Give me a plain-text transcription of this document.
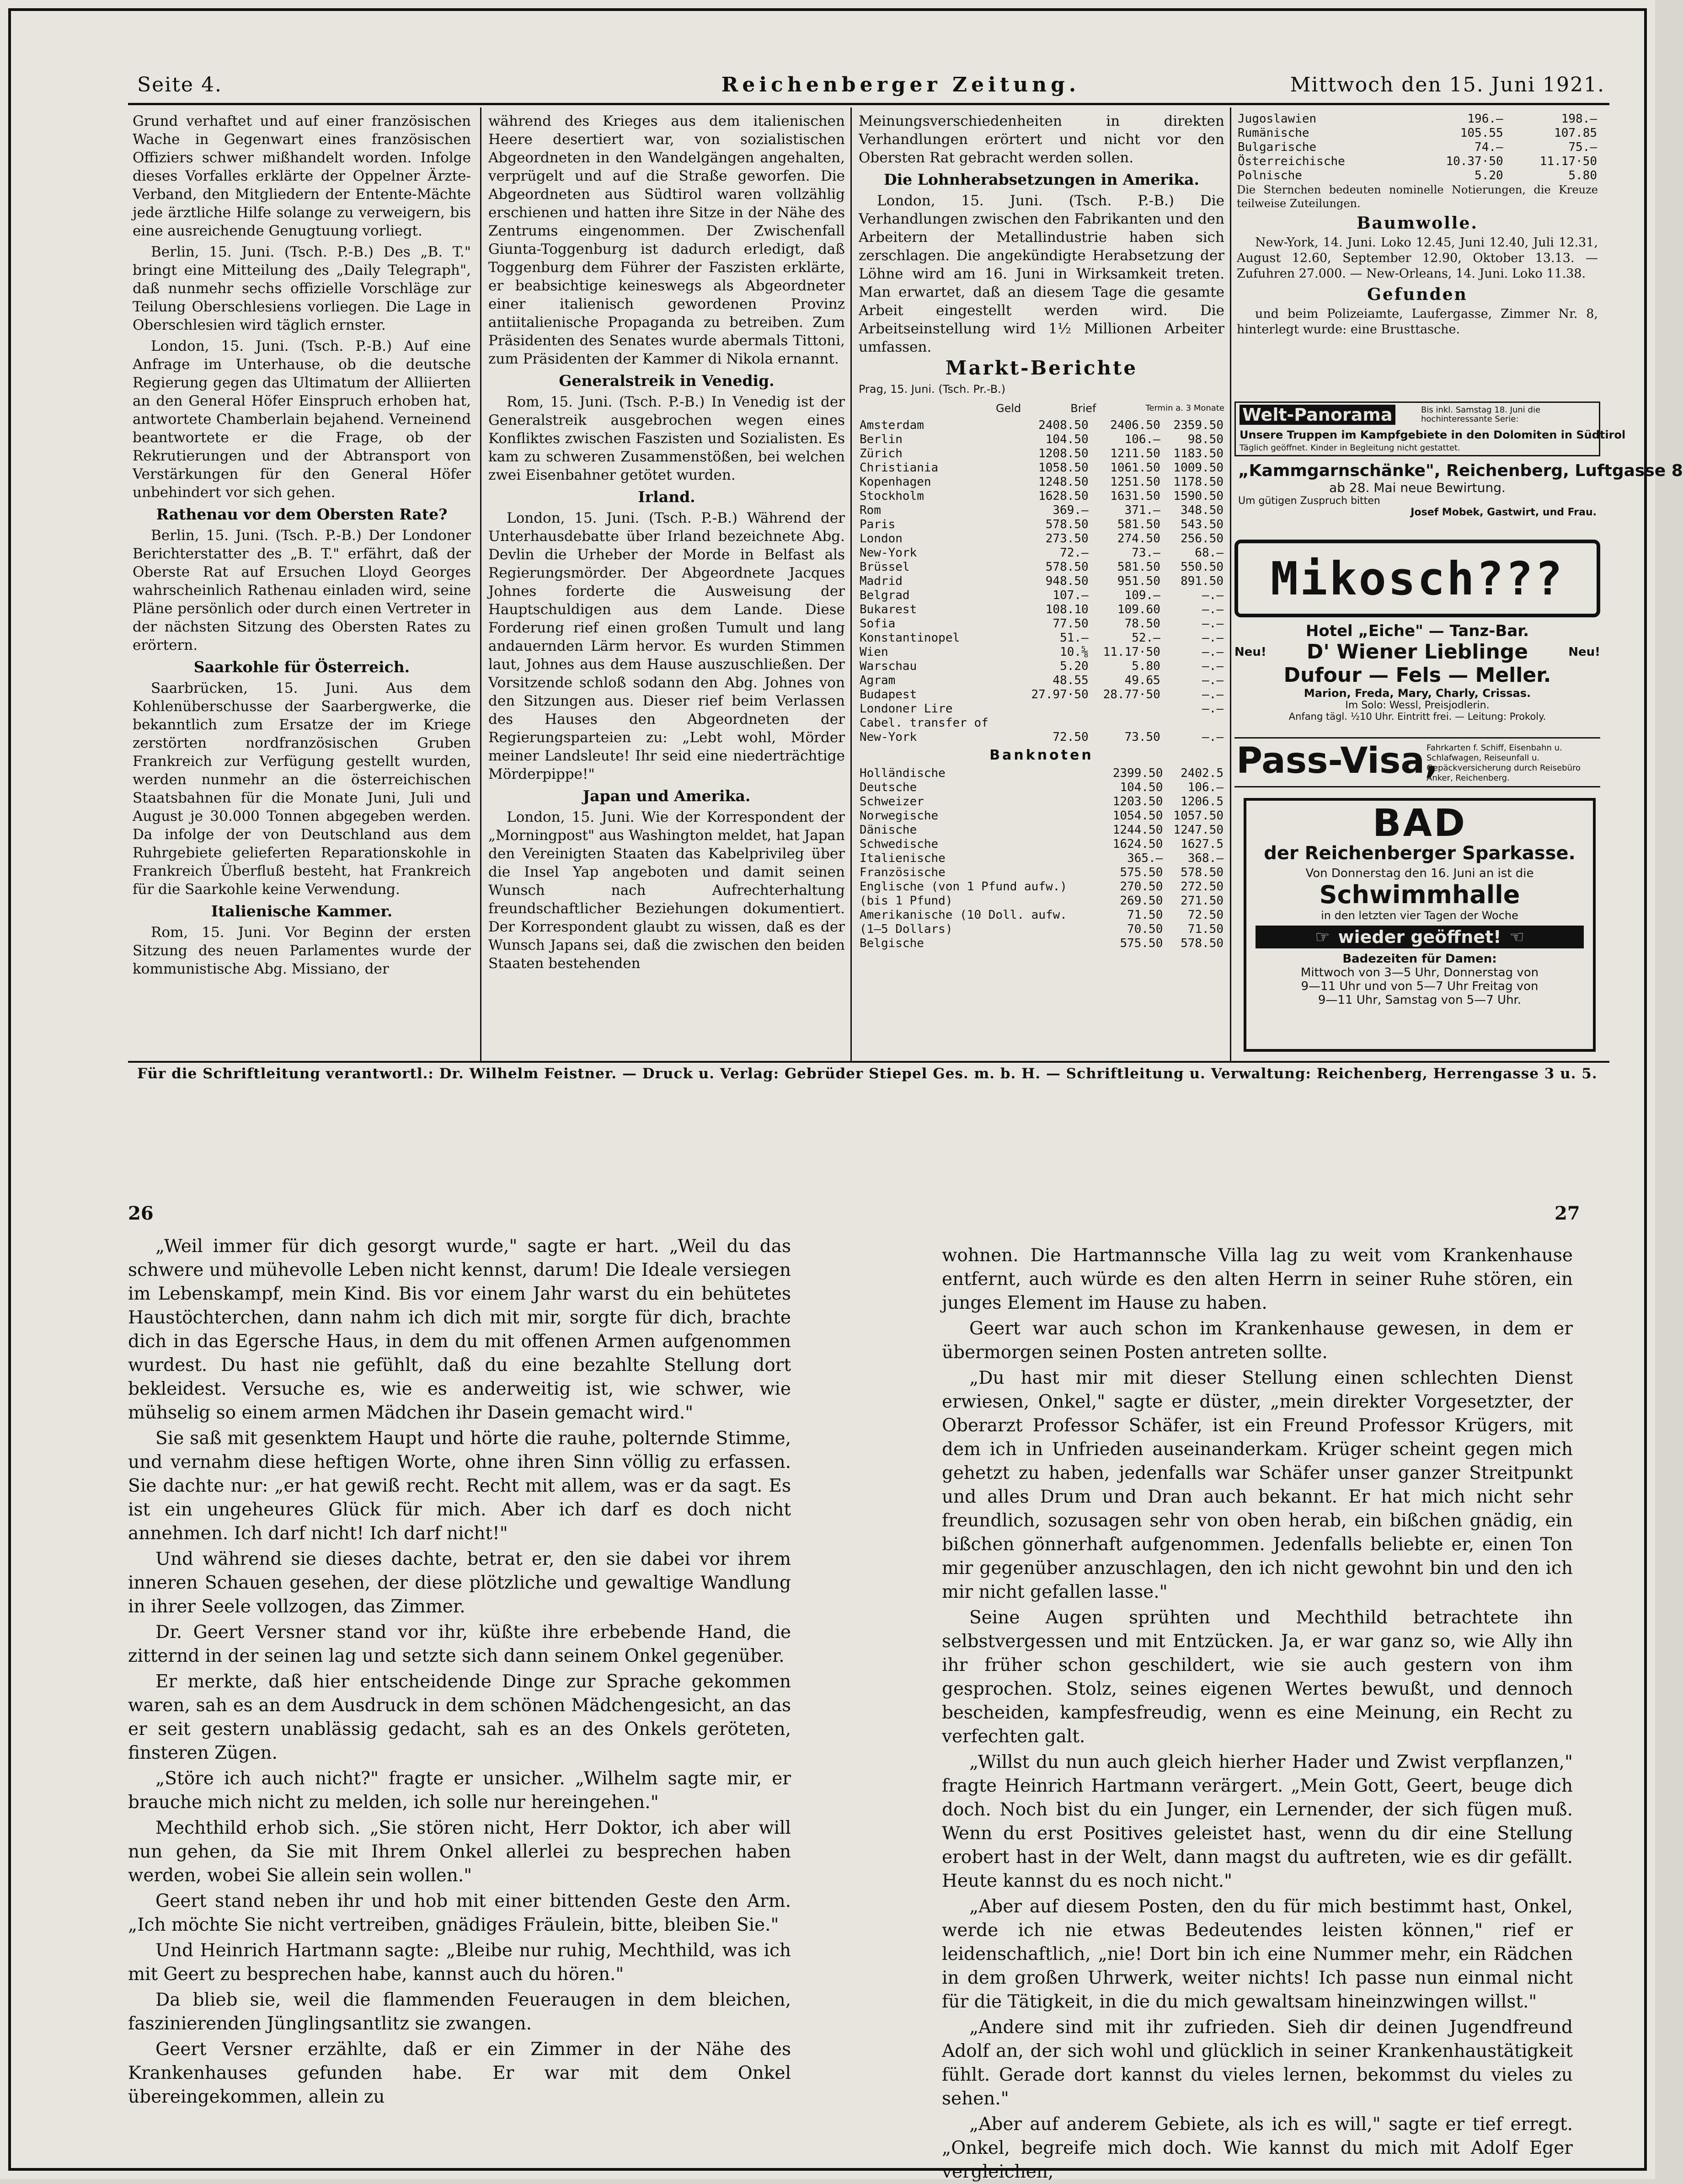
Seite 4.	Reichenberger Zeitung.	Mittwoch den 15. Juni 1921.

Grund verhaftet und auf einer französischen Wache in Gegenwart eines französischen Offiziers schwer mißhandelt worden. Infolge dieses Vorfalles erklärte der Oppelner Ärzte-Verband, den Mitgliedern der Entente-Mächte jede ärztliche Hilfe solange zu verweigern, bis eine ausreichende Genugtuung vorliegt.

Berlin, 15. Juni. (Tsch. P.-B.) Des „B. T." bringt eine Mitteilung des „Daily Telegraph", daß nunmehr sechs offizielle Vorschläge zur Teilung Oberschlesiens vorliegen. Die Lage in Oberschlesien wird täglich ernster.

London, 15. Juni. (Tsch. P.-B.) Auf eine Anfrage im Unterhause, ob die deutsche Regierung gegen das Ultimatum der Alliierten an den General Höfer Einspruch erhoben hat, antwortete Chamberlain bejahend. Verneinend beantwortete er die Frage, ob der Rekrutierungen und der Abtransport von Verstärkungen für den General Höfer unbehindert vor sich gehen.

Rathenau vor dem Obersten Rate?

Berlin, 15. Juni. (Tsch. P.-B.) Der Londoner Berichterstatter des „B. T." erfährt, daß der Oberste Rat auf Ersuchen Lloyd Georges wahrscheinlich Rathenau einladen wird, seine Pläne persönlich oder durch einen Vertreter in der nächsten Sitzung des Obersten Rates zu erörtern.

Saarkohle für Österreich.

Saarbrücken, 15. Juni. Aus dem Kohlenüberschusse der Saarbergwerke, die bekanntlich zum Ersatze der im Kriege zerstörten nordfranzösischen Gruben Frankreich zur Verfügung gestellt wurden, werden nunmehr an die österreichischen Staatsbahnen für die Monate Juni, Juli und August je 30.000 Tonnen abgegeben werden. Da infolge der von Deutschland aus dem Ruhrgebiete gelieferten Reparationskohle in Frankreich Überfluß besteht, hat Frankreich für die Saarkohle keine Verwendung.

Italienische Kammer.

Rom, 15. Juni. Vor Beginn der ersten Sitzung des neuen Parlamentes wurde der kommunistische Abg. Missiano, der

während des Krieges aus dem italienischen Heere desertiert war, von sozialistischen Abgeordneten in den Wandelgängen angehalten, verprügelt und auf die Straße geworfen. Die Abgeordneten aus Südtirol waren vollzählig erschienen und hatten ihre Sitze in der Nähe des Zentrums eingenommen. Der Zwischenfall Giunta-Toggenburg ist dadurch erledigt, daß Toggenburg dem Führer der Faszisten erklärte, er beabsichtige keineswegs als Abgeordneter einer italienisch gewordenen Provinz antiitalienische Propaganda zu betreiben. Zum Präsidenten des Senates wurde abermals Tittoni, zum Präsidenten der Kammer di Nikola ernannt.

Generalstreik in Venedig.

Rom, 15. Juni. (Tsch. P.-B.) In Venedig ist der Generalstreik ausgebrochen wegen eines Konfliktes zwischen Faszisten und Sozialisten. Es kam zu schweren Zusammenstößen, bei welchen zwei Eisenbahner getötet wurden.

Irland.

London, 15. Juni. (Tsch. P.-B.) Während der Unterhausdebatte über Irland bezeichnete Abg. Devlin die Urheber der Morde in Belfast als Regierungsmörder. Der Abgeordnete Jacques Johnes forderte die Ausweisung der Hauptschuldigen aus dem Lande. Diese Forderung rief einen großen Tumult und lang andauernden Lärm hervor. Es wurden Stimmen laut, Johnes aus dem Hause auszuschließen. Der Vorsitzende schloß sodann den Abg. Johnes von den Sitzungen aus. Dieser rief beim Verlassen des Hauses den Abgeordneten der Regierungsparteien zu: „Lebt wohl, Mörder meiner Landsleute! Ihr seid eine niederträchtige Mörderpippe!"

Japan und Amerika.

London, 15. Juni. Wie der Korrespondent der „Morningpost" aus Washington meldet, hat Japan den Vereinigten Staaten das Kabelprivileg über die Insel Yap angeboten und damit seinen Wunsch nach Aufrechterhaltung freundschaftlicher Beziehungen dokumentiert. Der Korrespondent glaubt zu wissen, daß es der Wunsch Japans sei, daß die zwischen den beiden Staaten bestehenden

Meinungsverschiedenheiten in direkten Verhandlungen erörtert und nicht vor den Obersten Rat gebracht werden sollen.

Die Lohnherabsetzungen in Amerika.

London, 15. Juni. (Tsch. P.-B.) Die Verhandlungen zwischen den Fabrikanten und den Arbeitern der Metallindustrie haben sich zerschlagen. Die angekündigte Herabsetzung der Löhne wird am 16. Juni in Wirksamkeit treten. Man erwartet, daß an diesem Tage die gesamte Arbeit eingestellt werden wird. Die Arbeitseinstellung wird 1½ Millionen Arbeiter umfassen.

Markt-Berichte
Prag, 15. Juni. (Tsch. Pr.-B.)
Geld	Brief	Termin a. 3 Monate
Amsterdam	2408.50	2406.50	2359.50
Berlin	104.50	106.—	98.50
Zürich	1208.50	1211.50	1183.50
Christiania	1058.50	1061.50	1009.50
Kopenhagen	1248.50	1251.50	1178.50
Stockholm	1628.50	1631.50	1590.50
Rom	369.—	371.—	348.50
Paris	578.50	581.50	543.50
London	273.50	274.50	256.50
New-York	72.—	73.—	68.—
Brüssel	578.50	581.50	550.50
Madrid	948.50	951.50	891.50
Belgrad	107.—	109.—	—.—
Bukarest	108.10	109.60	—.—
Sofia	77.50	78.50	—.—
Konstantinopel	51.—	52.—	—.—
Wien	10.⅝	11.17·50	—.—
Warschau	5.20	5.80	—.—
Agram	48.55	49.65	—.—
Budapest	27.97·50	28.77·50	—.—
Londoner Lire			—.—
Cabel. transfer of			
New-York	72.50	73.50	—.—
Banknoten
Holländische	2399.50	2402.5
Deutsche	104.50	106.—
Schweizer	1203.50	1206.5
Norwegische	1054.50	1057.50
Dänische	1244.50	1247.50
Schwedische	1624.50	1627.5
Italienische	365.—	368.—
Französische	575.50	578.50
Englische (von 1 Pfund aufw.)	270.50	272.50
(bis 1 Pfund)	269.50	271.50
Amerikanische (10 Doll. aufw.	71.50	72.50
(1—5 Dollars)	70.50	71.50
Belgische	575.50	578.50
Jugoslawien	196.—	198.—
Rumänische	105.55	107.85
Bulgarische	74.—	75.—
Österreichische	10.37·50	11.17·50
Polnische	5.20	5.80

Die Sternchen bedeuten nominelle Notierungen, die Kreuze teilweise Zuteilungen.

Baumwolle.

New-York, 14. Juni. Loko 12.45, Juni 12.40, Juli 12.31, August 12.60, September 12.90, Oktober 13.13. — Zufuhren 27.000. — New-Orleans, 14. Juni. Loko 11.38.

Gefunden

und beim Polizeiamte, Laufergasse, Zimmer Nr. 8, hinterlegt wurde: eine Brusttasche.

Welt-Panorama	Bis inkl. Samstag 18. Juni die hochinteressante Serie:
Unsere Truppen im Kampfgebiete in den Dolomiten in Südtirol
Täglich geöffnet. Kinder in Begleitung nicht gestattet.
„Kammgarnschänke", Reichenberg, Luftgasse 8
ab 28. Mai neue Bewirtung.
Um gütigen Zuspruch bitten
Josef Mobek, Gastwirt, und Frau.
Mikosch???
Hotel „Eiche" — Tanz-Bar.
Neu! D' Wiener Lieblinge	Neu!
Dufour — Fels — Meller.
Marion, Freda, Mary, Charly, Crissas.
Im Solo: Wessl, Preisjodlerin.
Anfang tägl. ½10 Uhr. Eintritt frei. — Leitung: Prokoly.
Pass-Visa,
Fahrkarten f. Schiff, Eisenbahn u. Schlafwagen, Reiseunfall u. Gepäckversicherung durch Reisebüro Anker, Reichenberg.
BAD
der Reichenberger Sparkasse.
Von Donnerstag den 16. Juni an ist die
Schwimmhalle
in den letzten vier Tagen der Woche
☞ wieder geöffnet! ☜
Badezeiten für Damen:
Mittwoch von 3—5 Uhr, Donnerstag von
9—11 Uhr und von 5—7 Uhr Freitag von
9—11 Uhr, Samstag von 5—7 Uhr.
Für die Schriftleitung verantwortl.: Dr. Wilhelm Feistner. — Druck u. Verlag: Gebrüder Stiepel Ges. m. b. H. — Schriftleitung u. Verwaltung: Reichenberg, Herrengasse 3 u. 5.
26	27

„Weil immer für dich gesorgt wurde," sagte er hart. „Weil du das schwere und mühevolle Leben nicht kennst, darum! Die Ideale versiegen im Lebenskampf, mein Kind. Bis vor einem Jahr warst du ein behütetes Haustöchterchen, dann nahm ich dich mit mir, sorgte für dich, brachte dich in das Egersche Haus, in dem du mit offenen Armen aufgenommen wurdest. Du hast nie gefühlt, daß du eine bezahlte Stellung dort bekleidest. Versuche es, wie es anderweitig ist, wie schwer, wie mühselig so einem armen Mädchen ihr Dasein gemacht wird."

Sie saß mit gesenktem Haupt und hörte die rauhe, polternde Stimme, und vernahm diese heftigen Worte, ohne ihren Sinn völlig zu erfassen. Sie dachte nur: „er hat gewiß recht. Recht mit allem, was er da sagt. Es ist ein ungeheures Glück für mich. Aber ich darf es doch nicht annehmen. Ich darf nicht! Ich darf nicht!"

Und während sie dieses dachte, betrat er, den sie dabei vor ihrem inneren Schauen gesehen, der diese plötzliche und gewaltige Wandlung in ihrer Seele vollzogen, das Zimmer.

Dr. Geert Versner stand vor ihr, küßte ihre erbebende Hand, die zitternd in der seinen lag und setzte sich dann seinem Onkel gegenüber.

Er merkte, daß hier entscheidende Dinge zur Sprache gekommen waren, sah es an dem Ausdruck in dem schönen Mädchengesicht, an das er seit gestern unablässig gedacht, sah es an des Onkels geröteten, finsteren Zügen.

„Störe ich auch nicht?" fragte er unsicher. „Wilhelm sagte mir, er brauche mich nicht zu melden, ich solle nur hereingehen."

Mechthild erhob sich. „Sie stören nicht, Herr Doktor, ich aber will nun gehen, da Sie mit Ihrem Onkel allerlei zu besprechen haben werden, wobei Sie allein sein wollen."

Geert stand neben ihr und hob mit einer bittenden Geste den Arm. „Ich möchte Sie nicht vertreiben, gnädiges Fräulein, bitte, bleiben Sie."

Und Heinrich Hartmann sagte: „Bleibe nur ruhig, Mechthild, was ich mit Geert zu besprechen habe, kannst auch du hören."

Da blieb sie, weil die flammenden Feueraugen in dem bleichen, faszinierenden Jünglingsantlitz sie zwangen.

Geert Versner erzählte, daß er ein Zimmer in der Nähe des Krankenhauses gefunden habe. Er war mit dem Onkel übereingekommen, allein zu

wohnen. Die Hartmannsche Villa lag zu weit vom Krankenhause entfernt, auch würde es den alten Herrn in seiner Ruhe stören, ein junges Element im Hause zu haben.

Geert war auch schon im Krankenhause gewesen, in dem er übermorgen seinen Posten antreten sollte.

„Du hast mir mit dieser Stellung einen schlechten Dienst erwiesen, Onkel," sagte er düster, „mein direkter Vorgesetzter, der Oberarzt Professor Schäfer, ist ein Freund Professor Krügers, mit dem ich in Unfrieden auseinanderkam. Krüger scheint gegen mich gehetzt zu haben, jedenfalls war Schäfer unser ganzer Streitpunkt und alles Drum und Dran auch bekannt. Er hat mich nicht sehr freundlich, sozusagen sehr von oben herab, ein bißchen gnädig, ein bißchen gönnerhaft aufgenommen. Jedenfalls beliebte er, einen Ton mir gegenüber anzuschlagen, den ich nicht gewohnt bin und den ich mir nicht gefallen lasse."

Seine Augen sprühten und Mechthild betrachtete ihn selbstvergessen und mit Entzücken. Ja, er war ganz so, wie Ally ihn ihr früher schon geschildert, wie sie auch gestern von ihm gesprochen. Stolz, seines eigenen Wertes bewußt, und dennoch bescheiden, kampfesfreudig, wenn es eine Meinung, ein Recht zu verfechten galt.

„Willst du nun auch gleich hierher Hader und Zwist verpflanzen," fragte Heinrich Hartmann verärgert. „Mein Gott, Geert, beuge dich doch. Noch bist du ein Junger, ein Lernender, der sich fügen muß. Wenn du erst Positives geleistet hast, wenn du dir eine Stellung erobert hast in der Welt, dann magst du auftreten, wie es dir gefällt. Heute kannst du es noch nicht."

„Aber auf diesem Posten, den du für mich bestimmt hast, Onkel, werde ich nie etwas Bedeutendes leisten können," rief er leidenschaftlich, „nie! Dort bin ich eine Nummer mehr, ein Rädchen in dem großen Uhrwerk, weiter nichts! Ich passe nun einmal nicht für die Tätigkeit, in die du mich gewaltsam hineinzwingen willst."

„Andere sind mit ihr zufrieden. Sieh dir deinen Jugendfreund Adolf an, der sich wohl und glücklich in seiner Krankenhaustätigkeit fühlt. Gerade dort kannst du vieles lernen, bekommst du vieles zu sehen."

„Aber auf anderem Gebiete, als ich es will," sagte er tief erregt. „Onkel, begreife mich doch. Wie kannst du mich mit Adolf Eger vergleichen,
